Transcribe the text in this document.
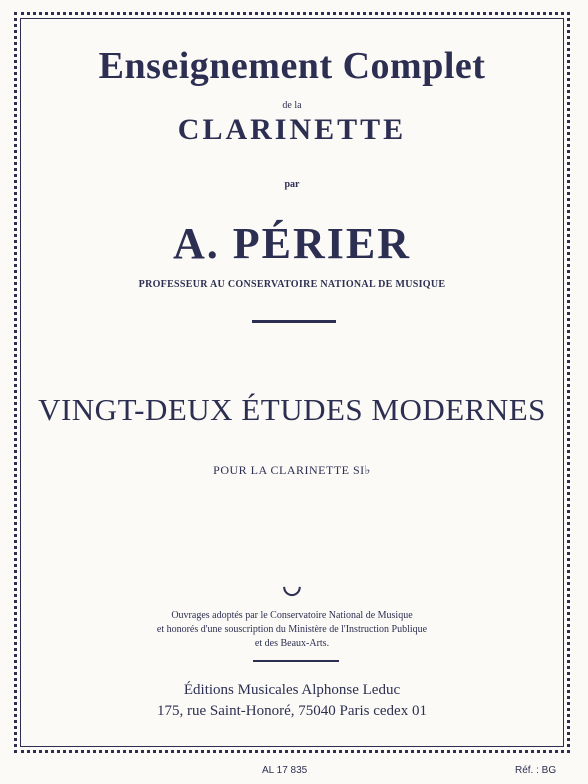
Enseignement Complet
de la
CLARINETTE
par
A. PÉRIER
PROFESSEUR AU CONSERVATOIRE NATIONAL DE MUSIQUE
VINGT-DEUX ÉTUDES MODERNES
POUR LA CLARINETTE SI♭
◡
Ouvrages adoptés par le Conservatoire National de Musique
et honorés d'une souscription du Ministère de l'Instruction Publique
et des Beaux-Arts.
Éditions Musicales Alphonse Leduc
175, rue Saint-Honoré, 75040 Paris cedex 01
AL 17 835	Réf. : BG
